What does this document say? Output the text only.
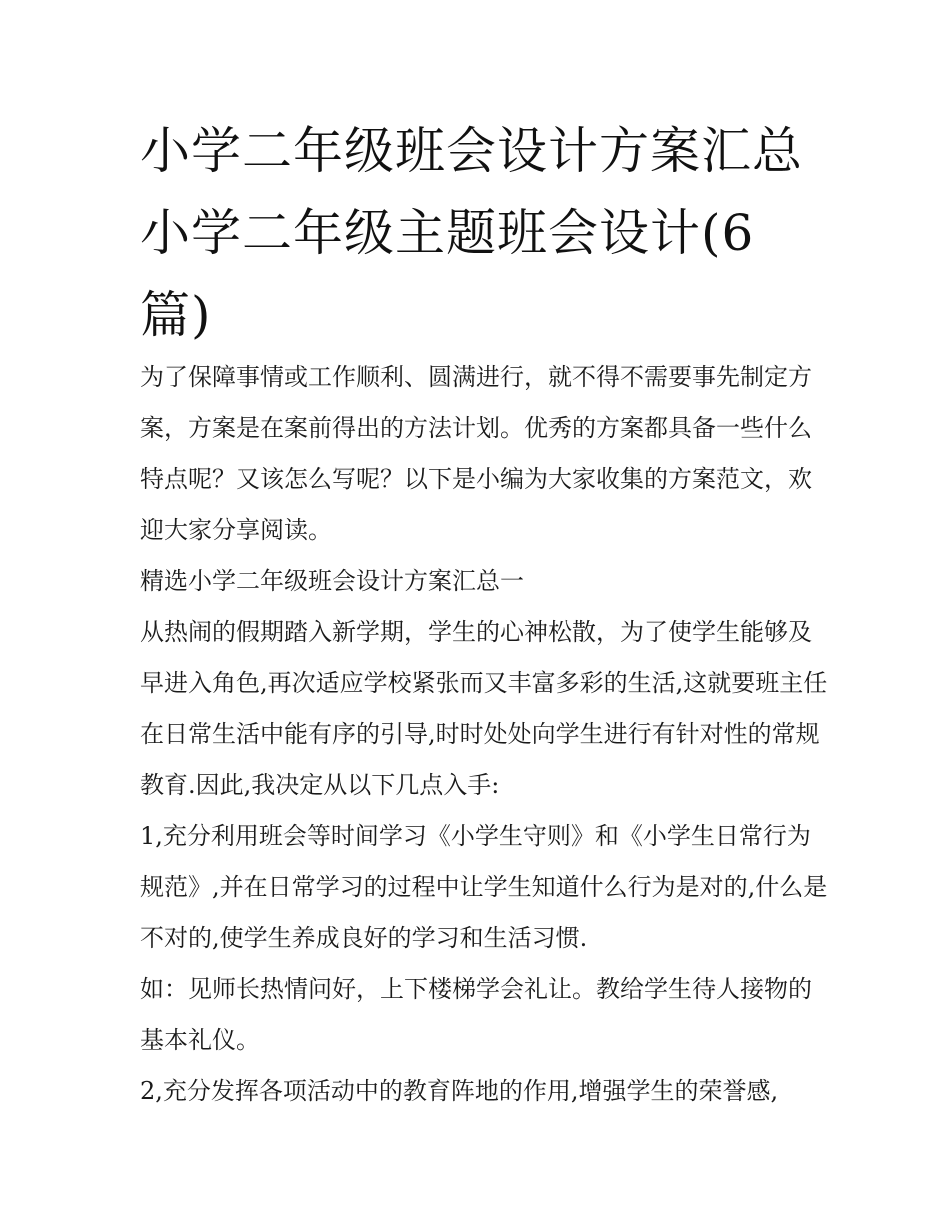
小学二年级班会设计方案汇总小学二年级主题班会设计(6篇)

为了保障事情或工作顺利、圆满进行，就不得不需要事先制定方案，方案是在案前得出的方法计划。优秀的方案都具备一些什么特点呢？又该怎么写呢？以下是小编为大家收集的方案范文，欢迎大家分享阅读。

精选小学二年级班会设计方案汇总一

从热闹的假期踏入新学期，学生的心神松散，为了使学生能够及早进入角色,再次适应学校紧张而又丰富多彩的生活,这就要班主任在日常生活中能有序的引导,时时处处向学生进行有针对性的常规教育.因此,我决定从以下几点入手:

1,充分利用班会等时间学习《小学生守则》和《小学生日常行为规范》,并在日常学习的过程中让学生知道什么行为是对的,什么是不对的,使学生养成良好的学习和生活习惯.

如：见师长热情问好，上下楼梯学会礼让。教给学生待人接物的基本礼仪。

2,充分发挥各项活动中的教育阵地的作用,增强学生的荣誉感,
